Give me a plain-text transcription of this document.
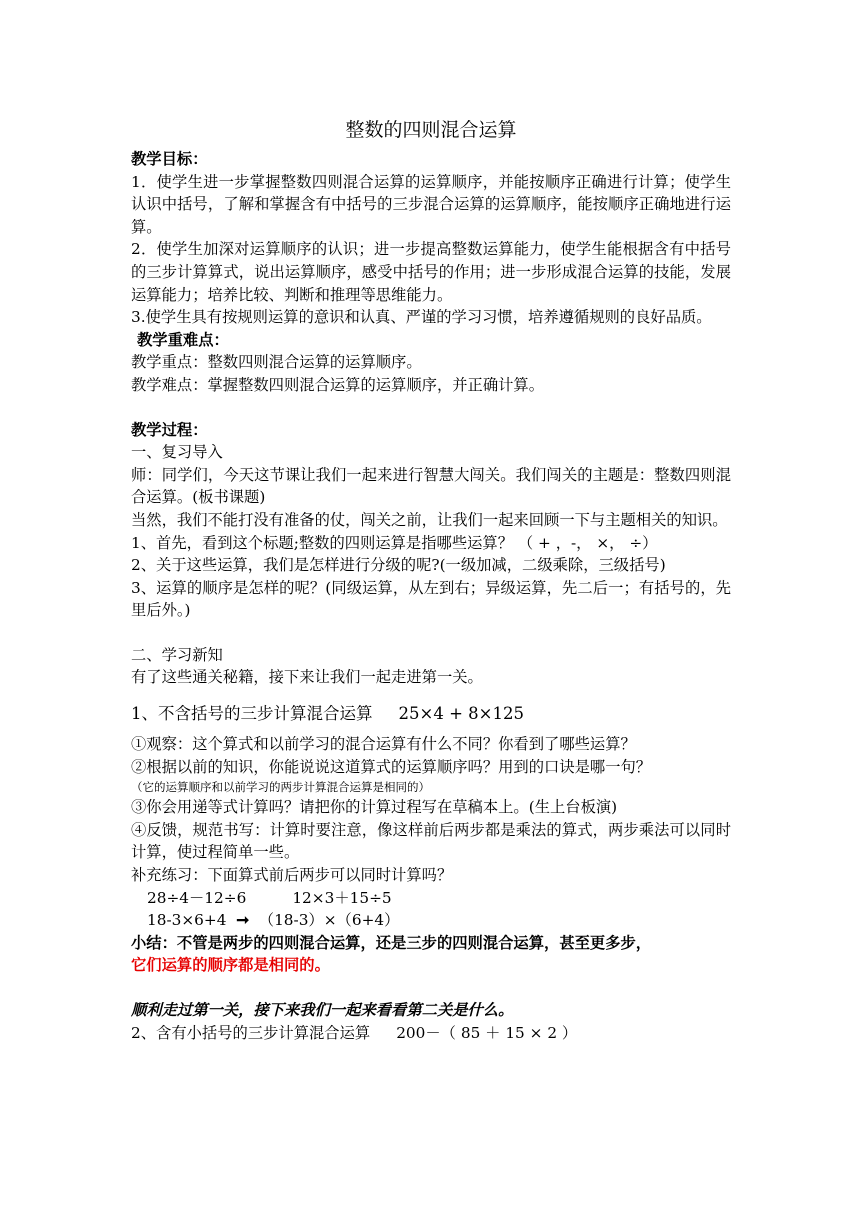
整数的四则混合运算

教学目标：

1．使学生进一步掌握整数四则混合运算的运算顺序，并能按顺序正确进行计算；使学生认识中括号，了解和掌握含有中括号的三步混合运算的运算顺序，能按顺序正确地进行运算。

2．使学生加深对运算顺序的认识；进一步提高整数运算能力，使学生能根据含有中括号的三步计算算式，说出运算顺序，感受中括号的作用；进一步形成混合运算的技能，发展运算能力；培养比较、判断和推理等思维能力。

3.使学生具有按规则运算的意识和认真、严谨的学习习惯，培养遵循规则的良好品质。

教学重难点：

教学重点：整数四则混合运算的运算顺序。

教学难点：掌握整数四则混合运算的运算顺序，并正确计算。

教学过程：

一、复习导入

师：同学们，今天这节课让我们一起来进行智慧大闯关。我们闯关的主题是：整数四则混合运算。(板书课题)

当然，我们不能打没有准备的仗，闯关之前，让我们一起来回顾一下与主题相关的知识。

1、首先，看到这个标题;整数的四则运算是指哪些运算？ （ + ，-， ×， ÷）

2、关于这些运算，我们是怎样进行分级的呢?(一级加减，二级乘除，三级括号)

3、运算的顺序是怎样的呢？(同级运算，从左到右；异级运算，先二后一；有括号的，先里后外。)

二、学习新知

有了这些通关秘籍，接下来让我们一起走进第一关。

1、不含括号的三步计算混合运算 25×4 + 8×125

①观察：这个算式和以前学习的混合运算有什么不同？你看到了哪些运算？

②根据以前的知识，你能说说这道算式的运算顺序吗？用到的口诀是哪一句？

（它的运算顺序和以前学习的两步计算混合运算是相同的）

③你会用递等式计算吗？请把你的计算过程写在草稿本上。(生上台板演)

④反馈，规范书写：计算时要注意，像这样前后两步都是乘法的算式，两步乘法可以同时计算，使过程简单一些。

补充练习：下面算式前后两步可以同时计算吗？

28÷4－12÷6	12×3＋15÷5

18-3×6+4 ➞ （18-3）×（6+4）

小结：不管是两步的四则混合运算，还是三步的四则混合运算，甚至更多步，

它们运算的顺序都是相同的。

顺利走过第一关，接下来我们一起来看看第二关是什么。

2、含有小括号的三步计算混合运算 200－（ 85 ＋ 15 × 2 ）
